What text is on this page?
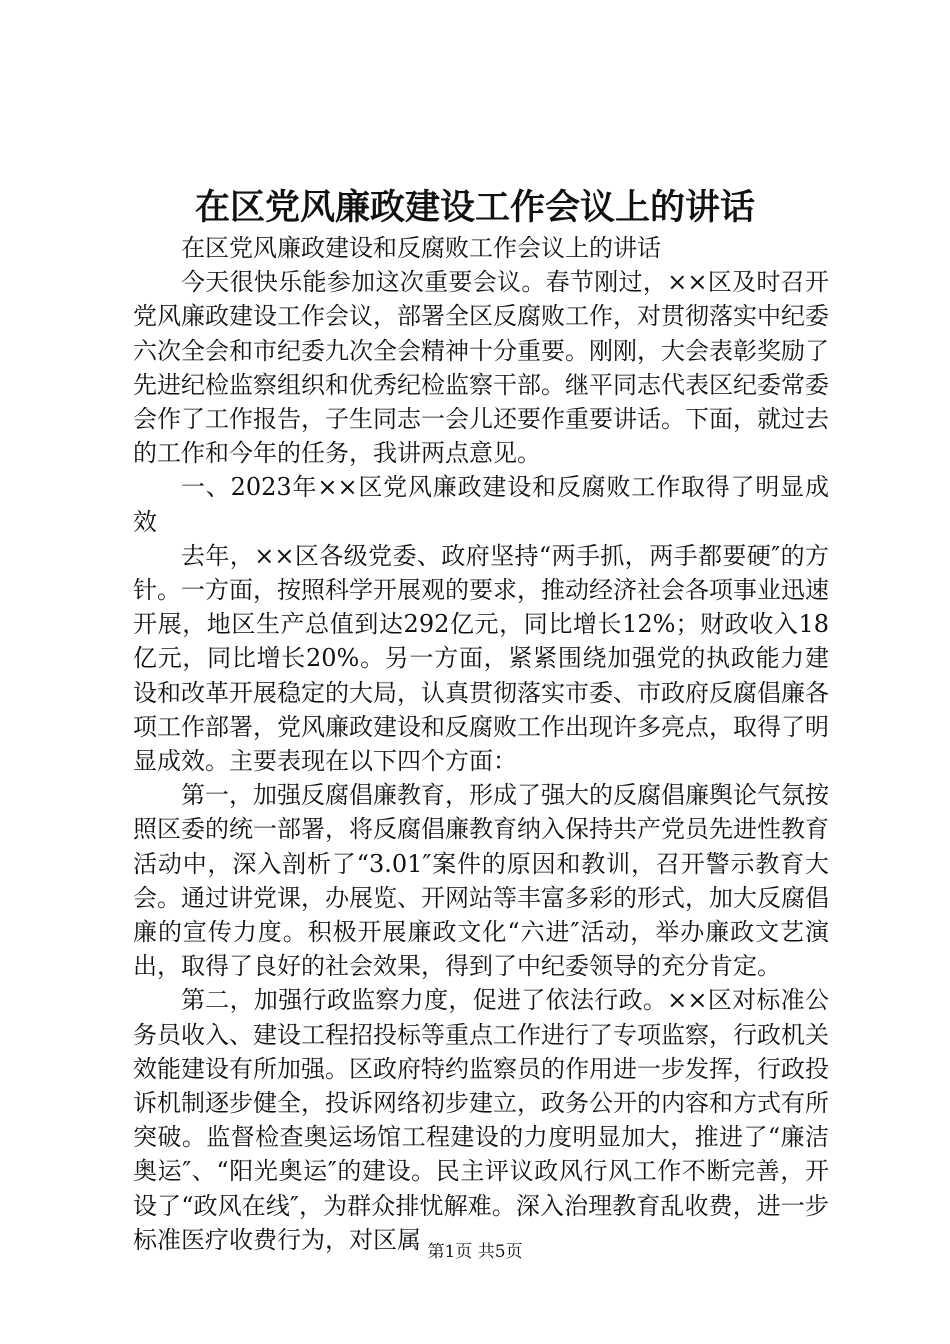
在区党风廉政建设工作会议上的讲话

在区党风廉政建设和反腐败工作会议上的讲话

今天很快乐能参加这次重要会议。春节刚过，××区及时召开党风廉政建设工作会议，部署全区反腐败工作，对贯彻落实中纪委六次全会和市纪委九次全会精神十分重要。刚刚，大会表彰奖励了先进纪检监察组织和优秀纪检监察干部。继平同志代表区纪委常委会作了工作报告，子生同志一会儿还要作重要讲话。下面，就过去的工作和今年的任务，我讲两点意见。

一、2023年××区党风廉政建设和反腐败工作取得了明显成效

去年，××区各级党委、政府坚持“两手抓，两手都要硬″的方针。一方面，按照科学开展观的要求，推动经济社会各项事业迅速开展，地区生产总值到达292亿元，同比增长12%；财政收入18亿元，同比增长20%。另一方面，紧紧围绕加强党的执政能力建设和改革开展稳定的大局，认真贯彻落实市委、市政府反腐倡廉各项工作部署，党风廉政建设和反腐败工作出现许多亮点，取得了明显成效。主要表现在以下四个方面：

第一，加强反腐倡廉教育，形成了强大的反腐倡廉舆论气氛按照区委的统一部署，将反腐倡廉教育纳入保持共产党员先进性教育活动中，深入剖析了“3.01″案件的原因和教训，召开警示教育大会。通过讲党课，办展览、开网站等丰富多彩的形式，加大反腐倡廉的宣传力度。积极开展廉政文化“六进″活动，举办廉政文艺演出，取得了良好的社会效果，得到了中纪委领导的充分肯定。

第二，加强行政监察力度，促进了依法行政。××区对标准公务员收入、建设工程招投标等重点工作进行了专项监察，行政机关效能建设有所加强。区政府特约监察员的作用进一步发挥，行政投诉机制逐步健全，投诉网络初步建立，政务公开的内容和方式有所突破。监督检查奥运场馆工程建设的力度明显加大，推进了“廉洁奥运″、“阳光奥运″的建设。民主评议政风行风工作不断完善，开设了“政风在线″，为群众排忧解难。深入治理教育乱收费，进一步标准医疗收费行为，对区属 第1页 共5页
